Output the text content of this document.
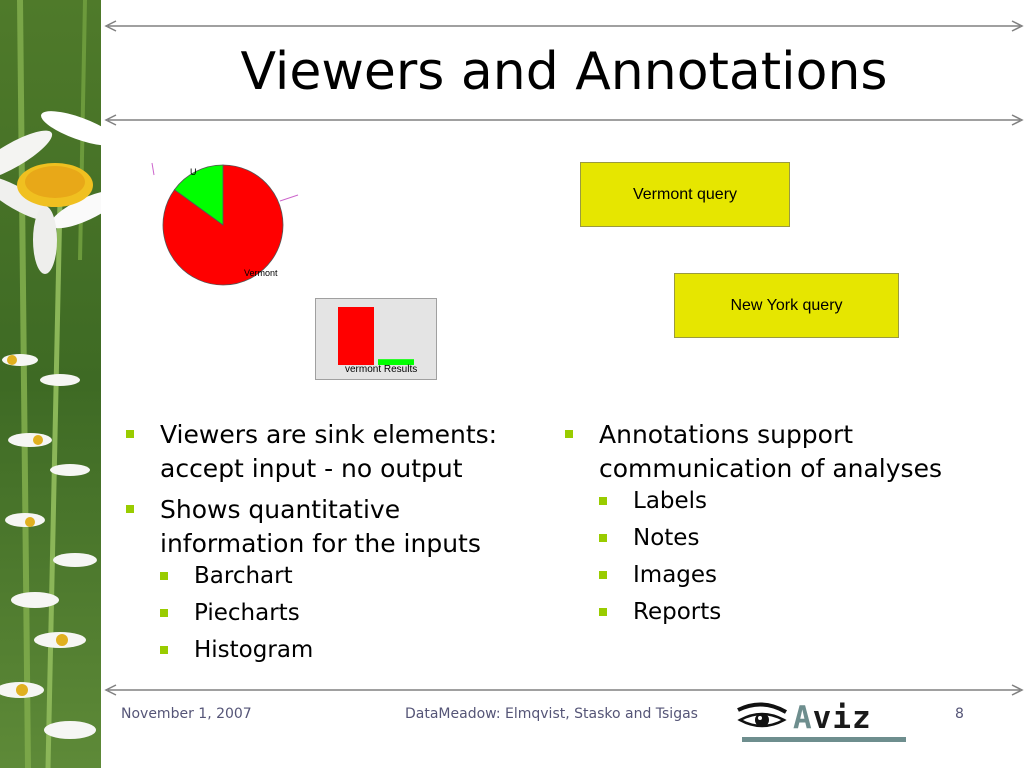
Viewers and Annotations
U
Vermont
vermont Results
Vermont query
New York query
Viewers are sink elements: accept input - no output
Shows quantitative information for the inputs
Barchart
Piecharts
Histogram
Annotations support communication of analyses
Labels
Notes
Images
Reports
November 1, 2007	DataMeadow: Elmqvist, Stasko and Tsigas	8
Aviz
